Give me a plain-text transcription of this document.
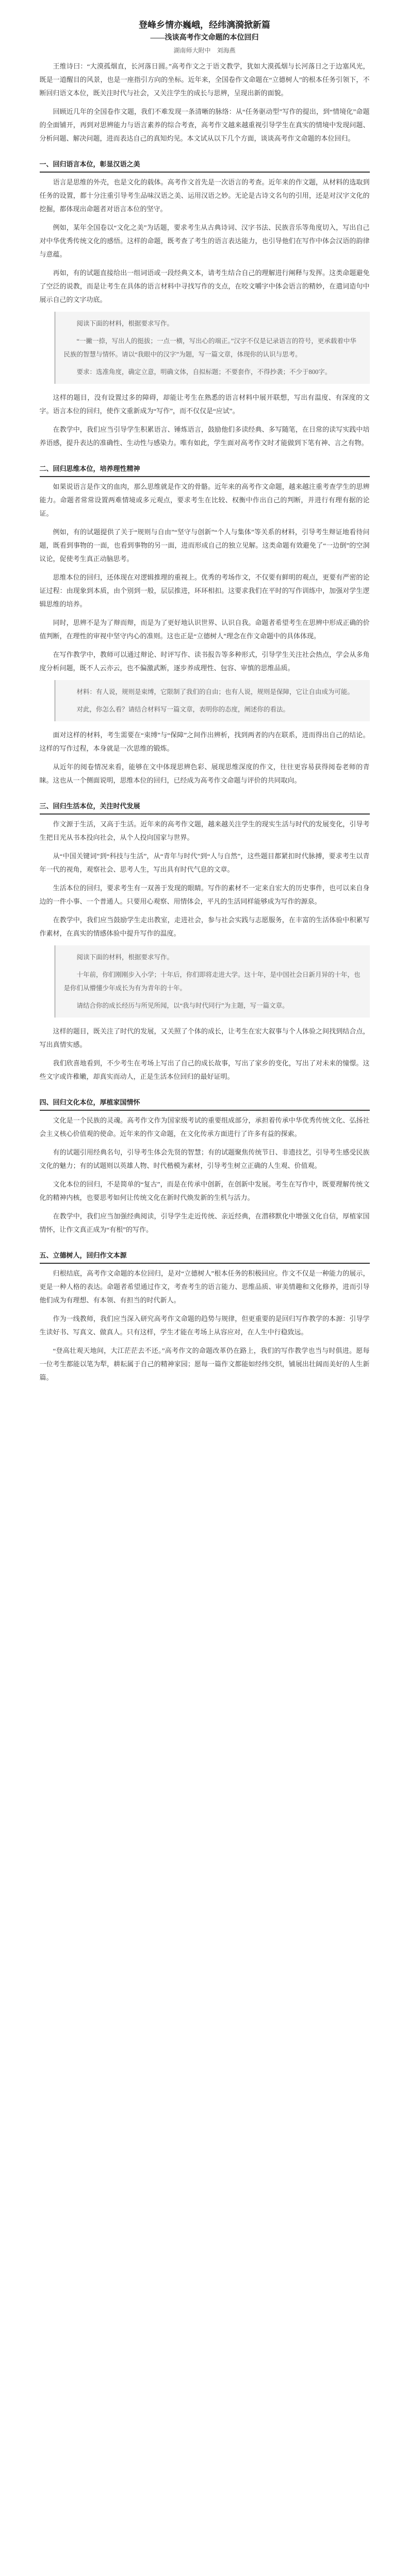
登峰乡情亦巍峨，经纬漓漪掀新篇
——浅谈高考作文命题的本位回归
湖南师大附中　刘海燕

王维诗曰：“大漠孤烟直，长河落日圆。”高考作文之于语文教学，犹如大漠孤烟与长河落日之于边塞风光，既是一道醒目的风景，也是一座指引方向的坐标。近年来，全国卷作文命题在“立德树人”的根本任务引领下，不断回归语文本位，既关注时代与社会，又关注学生的成长与思辨，呈现出新的面貌。

回顾近几年的全国卷作文题，我们不难发现一条清晰的脉络：从“任务驱动型”写作的提出，到“情境化”命题的全面铺开，再到对思辨能力与语言素养的综合考查，高考作文越来越重视引导学生在真实的情境中发现问题、分析问题、解决问题，进而表达自己的真知灼见。本文试从以下几个方面，谈谈高考作文命题的本位回归。

一、回归语言本位，彰显汉语之美

语言是思维的外壳，也是文化的载体。高考作文首先是一次语言的考查。近年来的作文题，从材料的选取到任务的设置，都十分注重引导考生品味汉语之美、运用汉语之妙。无论是古诗文名句的引用，还是对汉字文化的挖掘，都体现出命题者对语言本位的坚守。

例如，某年全国卷以“文化之美”为话题，要求考生从古典诗词、汉字书法、民族音乐等角度切入，写出自己对中华优秀传统文化的感悟。这样的命题，既考查了考生的语言表达能力，也引导他们在写作中体会汉语的韵律与意蕴。

再如，有的试题直接给出一组词语或一段经典文本，请考生结合自己的理解进行阐释与发挥。这类命题避免了空泛的说教，而是让考生在具体的语言材料中寻找写作的支点，在咬文嚼字中体会语言的精妙，在遣词造句中展示自己的文字功底。

阅读下面的材料，根据要求写作。

“一撇一捺，写出人的挺拔；一点一横，写出心的端正。”汉字不仅是记录语言的符号，更承载着中华民族的智慧与情怀。请以“我眼中的汉字”为题，写一篇文章，体现你的认识与思考。

要求：选准角度，确定立意，明确文体，自拟标题；不要套作，不得抄袭；不少于800字。

这样的题目，没有设置过多的障碍，却能让考生在熟悉的语言材料中展开联想，写出有温度、有深度的文字。语言本位的回归，使作文重新成为“写作”，而不仅仅是“应试”。

在教学中，我们应当引导学生积累语言、锤炼语言，鼓励他们多读经典、多写随笔，在日常的读写实践中培养语感，提升表达的准确性、生动性与感染力。唯有如此，学生面对高考作文时才能做到下笔有神、言之有物。

二、回归思维本位，培养理性精神

如果说语言是作文的血肉，那么思维就是作文的骨骼。近年来的高考作文命题，越来越注重考查学生的思辨能力。命题者常常设置两难情境或多元观点，要求考生在比较、权衡中作出自己的判断，并进行有理有据的论证。

例如，有的试题提供了关于“规则与自由”“坚守与创新”“个人与集体”等关系的材料，引导考生辩证地看待问题，既看到事物的一面，也看到事物的另一面，进而形成自己的独立见解。这类命题有效避免了“一边倒”的空洞议论，促使考生真正动脑思考。

思维本位的回归，还体现在对逻辑推理的重视上。优秀的考场作文，不仅要有鲜明的观点，更要有严密的论证过程：由现象到本质，由个别到一般，层层推进，环环相扣。这要求我们在平时的写作训练中，加强对学生逻辑思维的培养。

同时，思辨不是为了辩而辩，而是为了更好地认识世界、认识自我。命题者希望考生在思辨中形成正确的价值判断，在理性的审视中坚守内心的准则。这也正是“立德树人”理念在作文命题中的具体体现。

在写作教学中，教师可以通过辩论、时评写作、读书报告等多种形式，引导学生关注社会热点，学会从多角度分析问题，既不人云亦云，也不偏激武断，逐步养成理性、包容、审慎的思维品质。

材料：有人说，规则是束缚，它限制了我们的自由；也有人说，规则是保障，它让自由成为可能。

对此，你怎么看？请结合材料写一篇文章，表明你的态度，阐述你的看法。

面对这样的材料，考生需要在“束缚”与“保障”之间作出辨析，找到两者的内在联系，进而得出自己的结论。这样的写作过程，本身就是一次思维的锻炼。

从近年的阅卷情况来看，能够在文中体现思辨色彩、展现思维深度的作文，往往更容易获得阅卷老师的青睐。这也从一个侧面说明，思维本位的回归，已经成为高考作文命题与评价的共同取向。

三、回归生活本位，关注时代发展

作文源于生活，又高于生活。近年来的高考作文题，越来越关注学生的现实生活与时代的发展变化，引导考生把目光从书本投向社会，从个人投向国家与世界。

从“中国关键词”到“科技与生活”，从“青年与时代”到“人与自然”，这些题目都紧扣时代脉搏，要求考生以青年一代的视角，观察社会、思考人生，写出具有时代气息的文章。

生活本位的回归，要求考生有一双善于发现的眼睛。写作的素材不一定来自宏大的历史事件，也可以来自身边的一件小事、一个普通人。只要用心观察、用情体会，平凡的生活同样能够成为写作的源泉。

在教学中，我们应当鼓励学生走出教室，走进社会，参与社会实践与志愿服务，在丰富的生活体验中积累写作素材，在真实的情感体验中提升写作的温度。

阅读下面的材料，根据要求写作。

十年前，你们刚刚步入小学；十年后，你们即将走进大学。这十年，是中国社会日新月异的十年，也是你们从懵懂少年成长为有为青年的十年。

请结合你的成长经历与所见所闻，以“我与时代同行”为主题，写一篇文章。

这样的题目，既关注了时代的发展，又关照了个体的成长，让考生在宏大叙事与个人体验之间找到结合点，写出真情实感。

我们欣喜地看到，不少考生在考场上写出了自己的成长故事，写出了家乡的变化，写出了对未来的憧憬。这些文字或许稚嫩，却真实而动人，正是生活本位回归的最好证明。

四、回归文化本位，厚植家国情怀

文化是一个民族的灵魂。高考作文作为国家级考试的重要组成部分，承担着传承中华优秀传统文化、弘扬社会主义核心价值观的使命。近年来的作文命题，在文化传承方面进行了许多有益的探索。

有的试题引用经典名句，引导考生体会先贤的智慧；有的试题聚焦传统节日、非遗技艺，引导考生感受民族文化的魅力；有的试题则以英雄人物、时代楷模为素材，引导考生树立正确的人生观、价值观。

文化本位的回归，不是简单的“复古”，而是在传承中创新，在创新中发展。考生在写作中，既要理解传统文化的精神内核，也要思考如何让传统文化在新时代焕发新的生机与活力。

在教学中，我们应当加强经典阅读，引导学生走近传统、亲近经典，在潜移默化中增强文化自信，厚植家国情怀，让作文真正成为“有根”的写作。

五、立德树人，回归作文本源

归根结底，高考作文命题的本位回归，是对“立德树人”根本任务的积极回应。作文不仅是一种能力的展示，更是一种人格的表达。命题者希望通过作文，考查考生的语言能力、思维品质、审美情趣和文化修养，进而引导他们成为有理想、有本领、有担当的时代新人。

作为一线教师，我们应当深入研究高考作文命题的趋势与规律，但更重要的是回归写作教学的本源：引导学生读好书、写真文、做真人。只有这样，学生才能在考场上从容应对，在人生中行稳致远。

“登高壮观天地间，大江茫茫去不还。”高考作文的命题改革仍在路上，我们的写作教学也当与时俱进。愿每一位考生都能以笔为犁，耕耘属于自己的精神家园；愿每一篇作文都能如经纬交织，铺展出壮阔而美好的人生新篇。
